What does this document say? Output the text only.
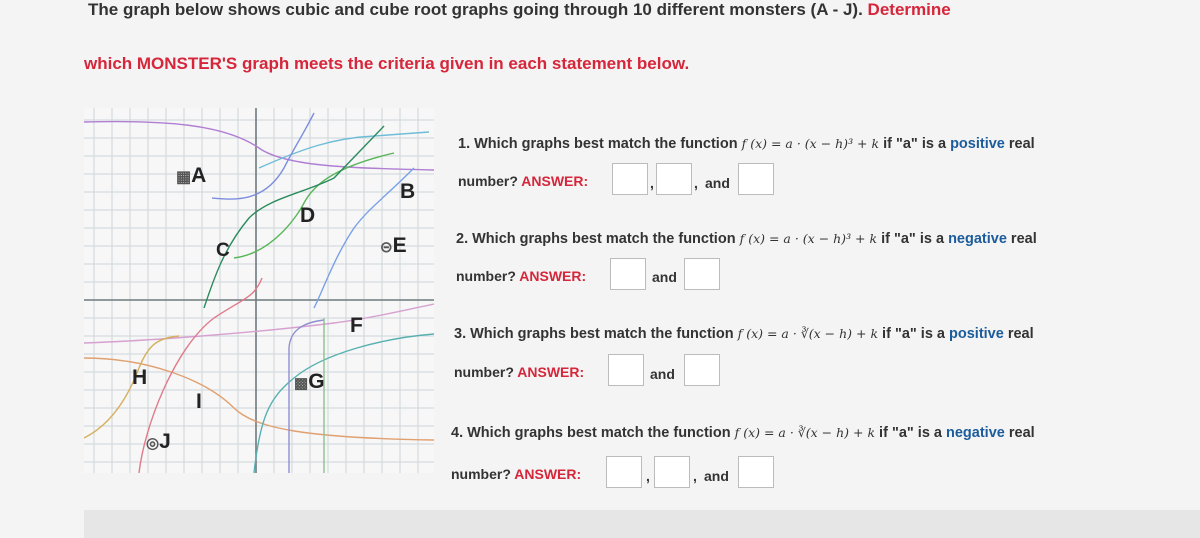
The graph below shows cubic and cube root graphs going through 10 different monsters (A - J). Determine
which MONSTER'S graph meets the criteria given in each statement below.
▦A
B
C
D
⊝E
F
▩G
H
I
◎J
1. Which graphs best match the function f (x) = a · (x − h)³ + k if "a" is a positive real
number? ANSWER:	,	, and
2. Which graphs best match the function f (x) = a · (x − h)³ + k if "a" is a negative real
number? ANSWER:	and
3. Which graphs best match the function f (x) = a · ∛(x − h) + k if "a" is a positive real
number? ANSWER:	and
4. Which graphs best match the function f (x) = a · ∛(x − h) + k if "a" is a negative real
number? ANSWER:	,	, and
